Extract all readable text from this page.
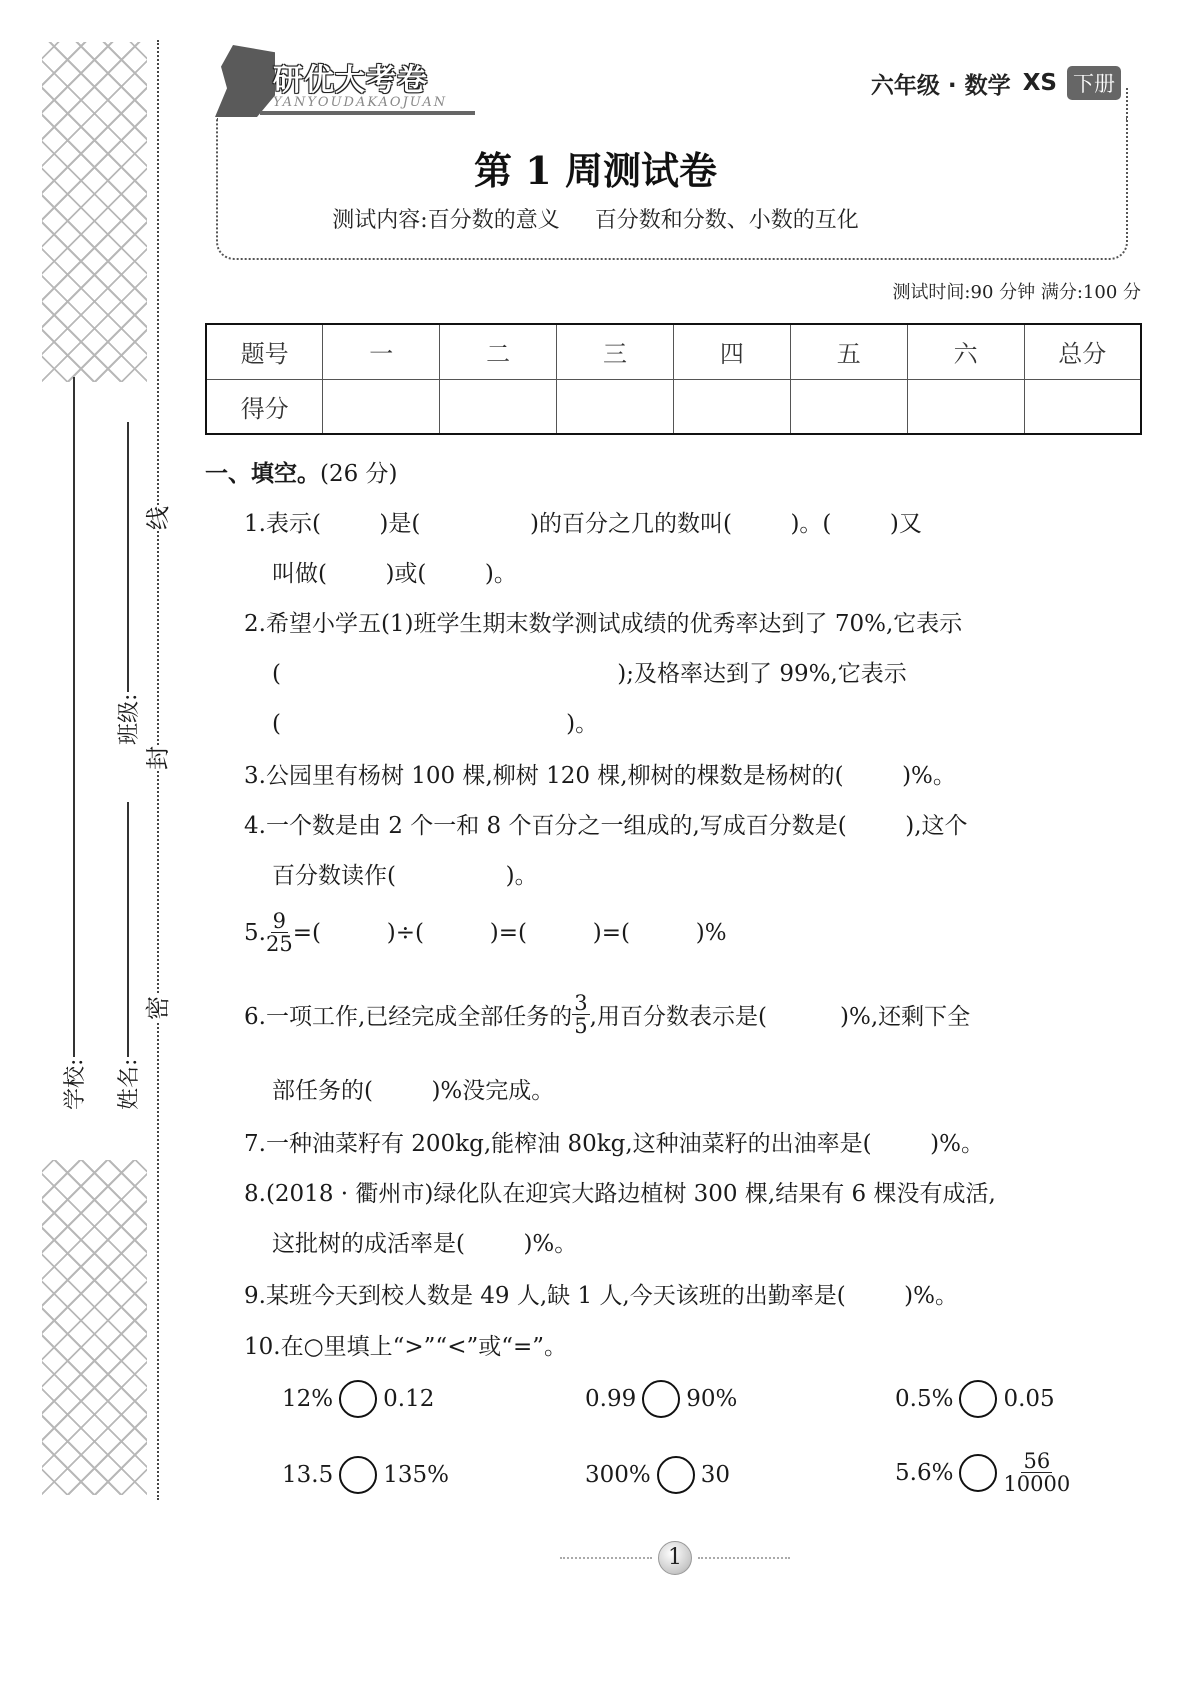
线
封
密
学校: 姓名:
班级:
研优大考卷
YANYOUDAKAOJUAN
六年级 · 数学 XS 下册
第 1 周测试卷
测试内容:百分数的意义 百分数和分数、小数的互化
测试时间:90 分钟 满分:100 分
题号	一	二	三	四	五	六	总分
得分							
一、填空。(26 分)
1.表示(        )是(               )的百分之几的数叫(        )。(        )又
叫做(        )或(        )。
2.希望小学五(1)班学生期末数学测试成绩的优秀率达到了 70%,它表示
(                                              );及格率达到了 99%,它表示
(                                       )。
3.公园里有杨树 100 棵,柳树 120 棵,柳树的棵数是杨树的(        )%。
4.一个数是由 2 个一和 8 个百分之一组成的,写成百分数是(        ),这个
百分数读作(               )。
5. $\frac{9}{25}$ =(         )÷(         )=(         )=(         )%
6.一项工作,已经完成全部任务的 $\frac{3}{5}$ ,用百分数表示是(          )%,还剩下全
部任务的(        )%没完成。
7.一种油菜籽有 200kg,能榨油 80kg,这种油菜籽的出油率是(        )%。
8.(2018 · 衢州市)绿化队在迎宾大路边植树 300 棵,结果有 6 棵没有成活,
这批树的成活率是(        )%。
9.某班今天到校人数是 49 人,缺 1 人,今天该班的出勤率是(        )%。
10.在○里填上“>”“<”或“=”。
12% 0.12	0.99 90%	0.5% 0.05
13.5 135%	300% 30	$5.6\% \frac{56}{10000}$
1
